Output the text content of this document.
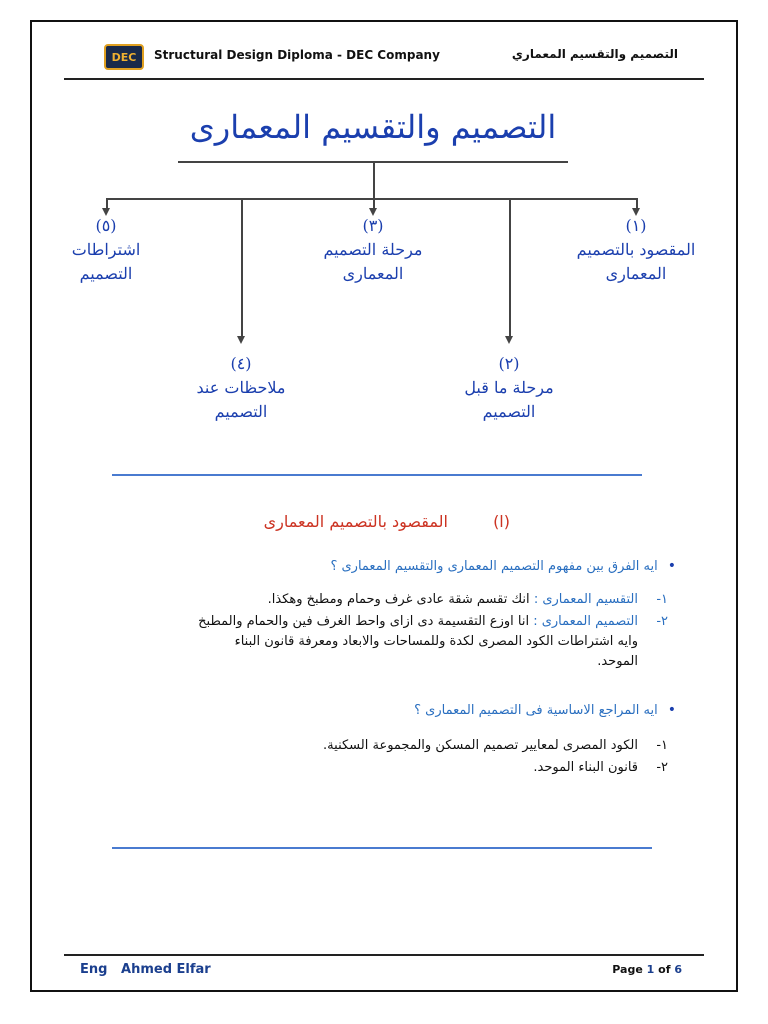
DEC Structural Design Diploma - DEC Company	التصميم والتقسيم المعماري
التصميم والتقسيم المعمارى
(١)
المقصود بالتصميم
المعمارى
(٣)
مرحلة التصميم
المعمارى
(٥)
اشتراطات
التصميم
(٢)
مرحلة ما قبل
التصميم
(٤)
ملاحظات عند
التصميم
(ا) المقصود بالتصميم المعمارى
•ايه الفرق بين مفهوم التصميم المعمارى والتقسيم المعمارى ؟
١-التقسيم المعمارى : انك تقسم شقة عادى غرف وحمام ومطبخ وهكذا.
٢-التصميم المعمارى : انا اوزع التقسيمة دى ازاى واحط الغرف فين والحمام والمطبخ
وايه اشتراطات الكود المصرى لكدة وللمساحات والابعاد ومعرفة قانون البناء
الموحد.
•ايه المراجع الاساسية فى التصميم المعمارى ؟
١-الكود المصرى لمعايير تصميم المسكن والمجموعة السكنية.
٢-قانون البناء الموحد.
Eng Ahmed Elfar	Page 1 of 6
